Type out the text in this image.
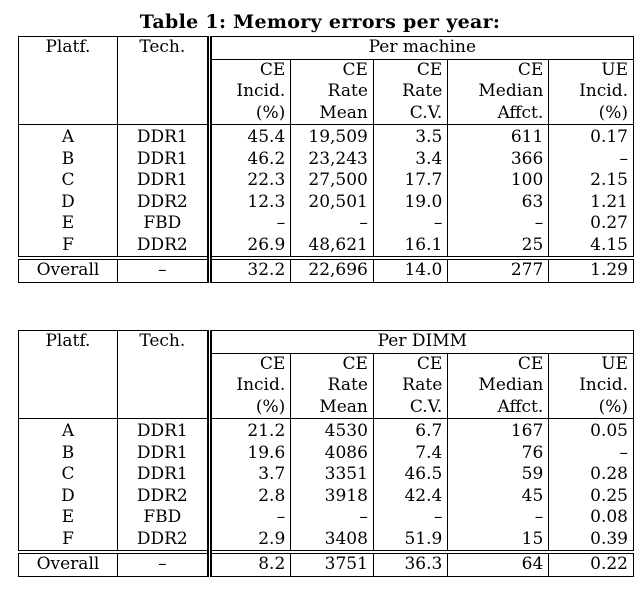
Table 1: Memory errors per year:
Platf.	Tech.	Per machine				
		CE	CE	CE	CE	UE
		Incid.	Rate	Rate	Median	Incid.
		(%)	Mean	C.V.	Affct.	(%)

A	DDR1	45.4	19,509	3.5	611	0.17
B	DDR1	46.2	23,243	3.4	366	–
C	DDR1	22.3	27,500	17.7	100	2.15
D	DDR2	12.3	20,501	19.0	63	1.21
E	FBD	–	–	–	–	0.27
F	DDR2	26.9	48,621	16.1	25	4.15
Overall	–	32.2	22,696	14.0	277	1.29
Platf.	Tech.	Per DIMM				
		CE	CE	CE	CE	UE
		Incid.	Rate	Rate	Median	Incid.
		(%)	Mean	C.V.	Affct.	(%)

A	DDR1	21.2	4530	6.7	167	0.05
B	DDR1	19.6	4086	7.4	76	–
C	DDR1	3.7	3351	46.5	59	0.28
D	DDR2	2.8	3918	42.4	45	0.25
E	FBD	–	–	–	–	0.08
F	DDR2	2.9	3408	51.9	15	0.39
Overall	–	8.2	3751	36.3	64	0.22
